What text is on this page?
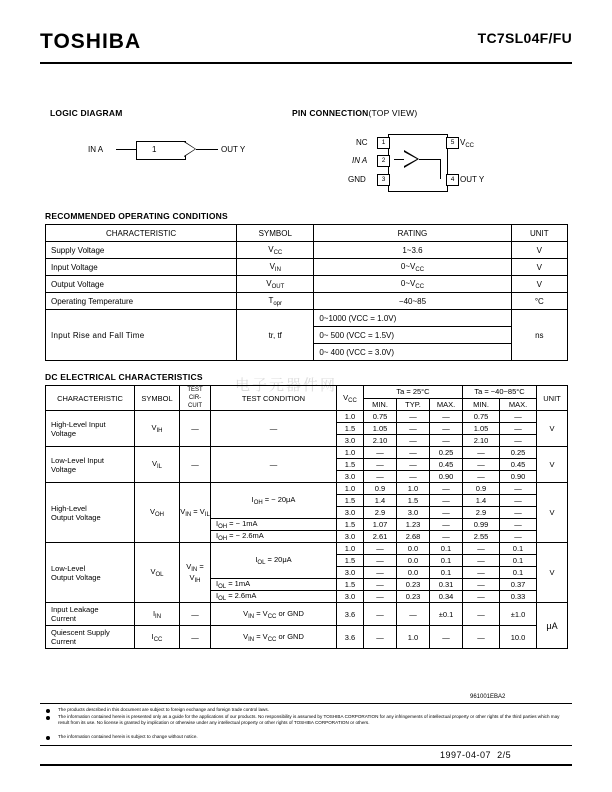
TOSHIBA	TC7SL04F/FU
LOGIC DIAGRAM
IN A	1	OUT Y
PIN CONNECTION(TOP VIEW)
1
2
3
5
4
NC
IN A
GND
$V_{CC}$
OUT Y
RECOMMENDED OPERATING CONDITIONS
CHARACTERISTIC	SYMBOL	RATING	UNIT
Supply Voltage	$V_{CC}$	1~3.6	V
Input Voltage	$V_{IN}$	$0\sim V_{CC}$	V
Output Voltage	$V_{OUT}$	$0\sim V_{CC}$	V
Operating Temperature	$T_{opr}$	−40~85	°C
Input Rise and Fall Time	tr, tf	0~1000 (VCC = 1.0V)	ns
		0~ 500 (VCC = 1.5V)	
		0~ 400 (VCC = 3.0V)	
DC ELECTRICAL CHARACTERISTICS 电子元器件网
CHARACTERISTIC	SYMBOL	TEST
CIR-
CUIT	TEST CONDITION	$V_{CC}$	Ta = 25°C			Ta = −40~85°C		UNIT
					MIN.	TYP.	MAX.	MIN.	MAX.	
High-Level Input
Voltage	$V_{IH}$	—	—	1.0	0.75	—	—	0.75	—	V
				1.5	1.05	—	—	1.05	—	
				3.0	2.10	—	—	2.10	—	
Low-Level Input
Voltage	$V_{IL}$	—	—	1.0	—	—	0.25	—	0.25	V
				1.5	—	—	0.45	—	0.45	
				3.0	—	—	0.90	—	0.90	
High-Level
Output Voltage	$V_{OH}$	$V_{IN} = V_{IL}$	$I_{OH}$ = − 20μA	1.0	0.9	1.0	—	0.9	—	V
				1.5	1.4	1.5	—	1.4	—	
				3.0	2.9	3.0	—	2.9	—	
			$I_{OH}$ = − 1mA	1.5	1.07	1.23	—	0.99	—	
			$I_{OH}$ = − 2.6mA	3.0	2.61	2.68	—	2.55	—	
Low-Level
Output Voltage	$V_{OL}$	$V_{IN} = V_{IH}$	$I_{OL} = 20\mu A$	1.0	—	0.0	0.1	—	0.1	V
				1.5	—	0.0	0.1	—	0.1	
				3.0	—	0.0	0.1	—	0.1	
			$I_{OL} = 1mA$	1.5	—	0.23	0.31	—	0.37	
			$I_{OL} = 2.6mA$	3.0	—	0.23	0.34	—	0.33	
Input Leakage
Current	$I_{IN}$	—	$V_{IN} = V_{CC}$ or GND	3.6	—	—	±0.1	—	±1.0	μA
Quiescent Supply
Current	$I_{CC}$	—	$V_{IN} = V_{CC}$ or GND	3.6	—	1.0	—	—	10.0	
961001EBA2
The products described in this document are subject to foreign exchange and foreign trade control laws.
The information contained herein is presented only as a guide for the applications of our products. No responsibility is assumed by TOSHIBA CORPORATION for any infringements of intellectual property or other rights of the third parties which may result from its use. No license is granted by implication or otherwise under any intellectual property or other rights of TOSHIBA CORPORATION or others.
The information contained herein is subject to change without notice.
1997-04-07 2/5
